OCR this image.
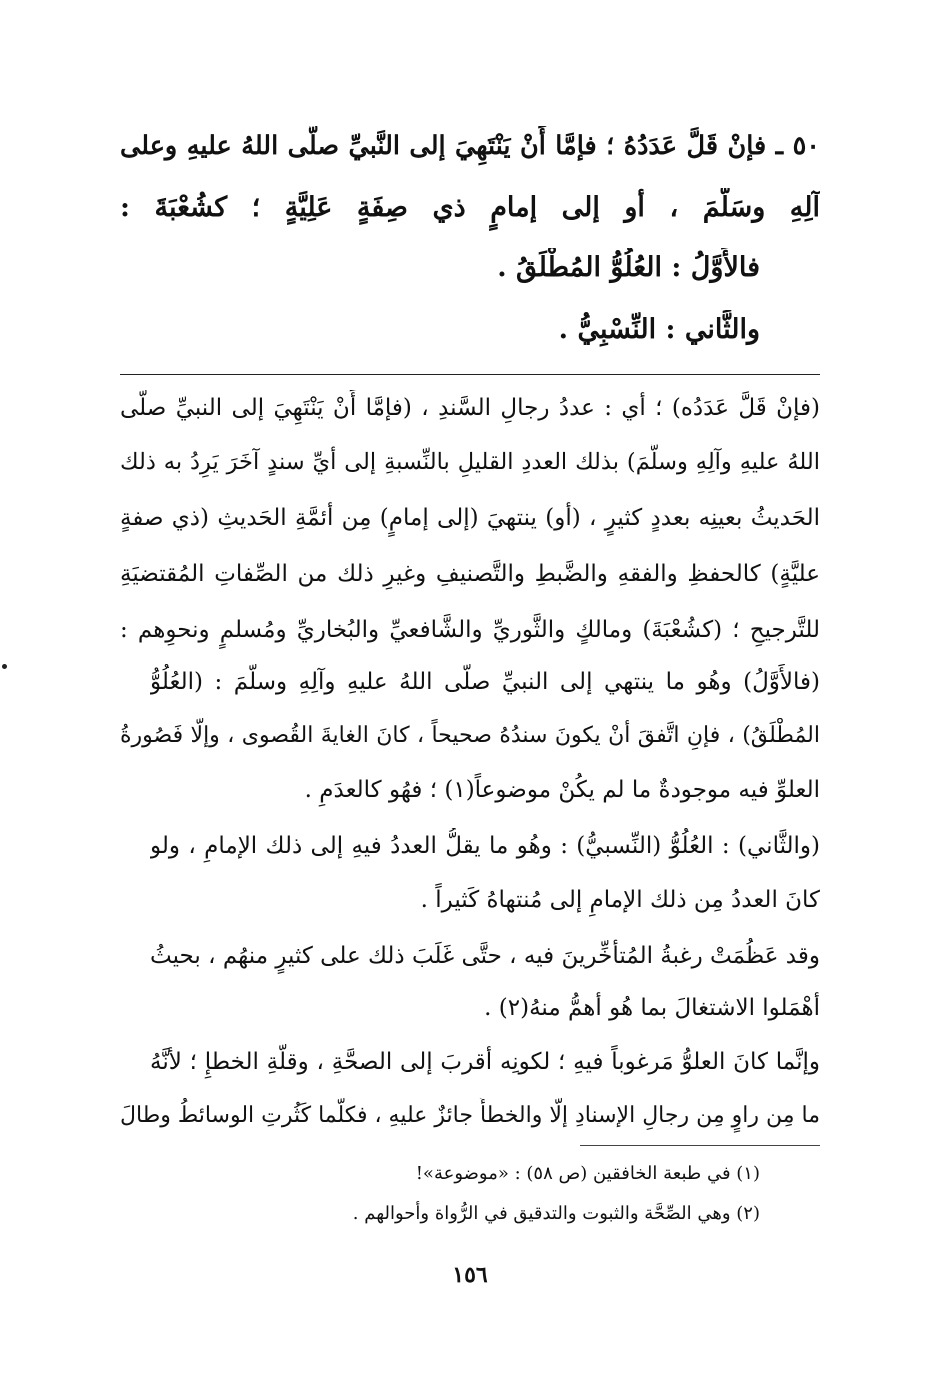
٥٠ ـ فإنْ قَلَّ عَدَدُهُ ؛ فإمَّا أَنْ يَنْتَهِيَ إلى النَّبيِّ صلَّى اللهُ عليهِ وعلى
آلِهِ وسَلَّمَ ، أو إلى إمامٍ ذي صِفَةٍ عَلِيَّةٍ ؛ كشُعْبَةَ :
فالأَوَّلُ : العُلُوُّ المُطْلَقُ .
والثَّاني : النِّسْبِيُّ .
(فإنْ قَلَّ عَدَدُه) ؛ أي : عددُ رجالِ السَّندِ ، (فإمَّا أَنْ يَنْتَهِيَ إلى النبيِّ صلَّى
اللهُ عليهِ وآلِهِ وسلَّمَ) بذلك العددِ القليلِ بالنِّسبةِ إلى أيِّ سندٍ آخَرَ يَرِدُ به ذلك
الحَديثُ بعينِه بعددٍ كثيرٍ ، (أو) ينتهيَ (إلى إمامٍ) مِن أئمَّةِ الحَديثِ (ذي صفةٍ
عليَّةٍ) كالحفظِ والفقهِ والضَّبطِ والتَّصنيفِ وغيرِ ذلك من الصِّفاتِ المُقتضيَةِ
للتَّرجيحِ ؛ (كشُعْبَةَ) ومالكٍ والثَّوريِّ والشَّافعيِّ والبُخاريِّ ومُسلمٍ ونحوِهم :
(فالأَوَّلُ) وهُو ما ينتهي إلى النبيِّ صلَّى اللهُ عليهِ وآلِهِ وسلَّمَ : (العُلُوُّ
المُطْلَقُ) ، فإنِ اتَّفقَ أنْ يكونَ سندُهُ صحيحاً ، كانَ الغايةَ القُصوى ، وإلَّا فَصُورةُ
العلوِّ فيه موجودةٌ ما لم يكُنْ موضوعاً(١) ؛ فهُو كالعدَمِ .
(والثَّاني) : العُلُوُّ (النِّسبيُّ) : وهُو ما يقلُّ العددُ فيهِ إلى ذلك الإمامِ ، ولو
كانَ العددُ مِن ذلك الإمامِ إلى مُنتهاهُ كَثيراً .
وقد عَظُمَتْ رغبةُ المُتأخِّرينَ فيه ، حتَّى غَلَبَ ذلك على كثيرٍ منهُم ، بحيثُ
أهْمَلوا الاشتغالَ بما هُو أهمُّ منهُ(٢) .
وإنَّما كانَ العلوُّ مَرغوباً فيهِ ؛ لكونِه أقربَ إلى الصحَّةِ ، وقلَّةِ الخطإِ ؛ لأنَّهُ
ما مِن راوٍ مِن رجالِ الإسنادِ إلَّا والخطأُ جائزٌ عليهِ ، فكلَّما كَثُرتِ الوسائطُ وطالَ
(١) في طبعة الخافقين (ص ٥٨) : «موضوعة»!
(٢) وهي الصِّحَّة والثبوت والتدقيق في الرُّواة وأحوالهم .
١٥٦
